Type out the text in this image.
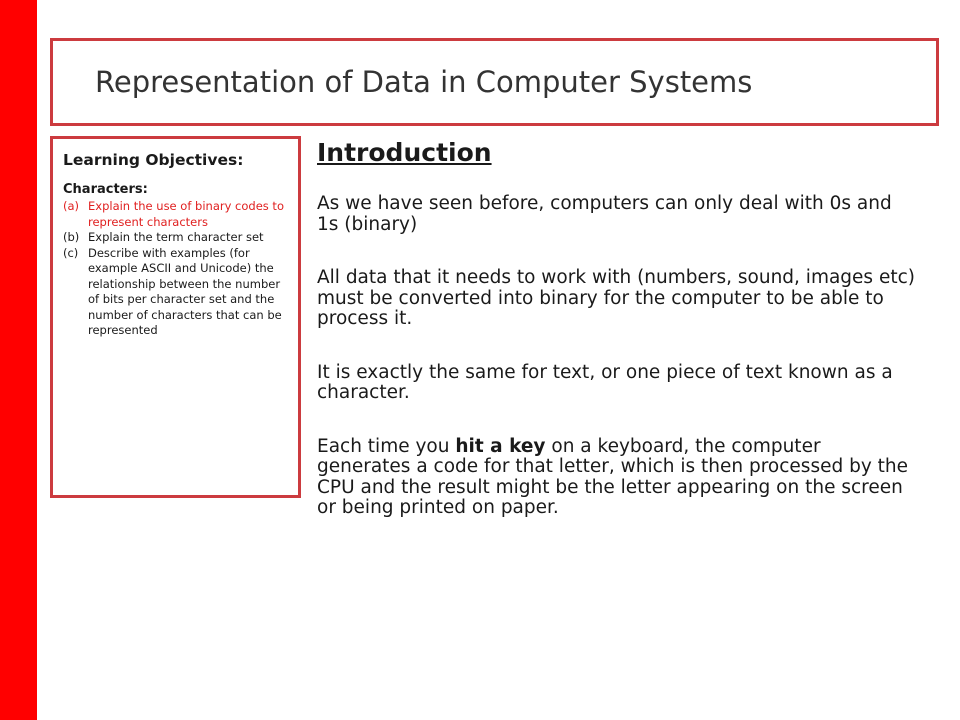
Representation of Data in Computer Systems

Learning Objectives:

Characters:

(a) Explain the use of binary codes to represent characters
(b) Explain the term character set
(c) Describe with examples (for example ASCII and Unicode) the relationship between the number of bits per character set and the number of characters that can be represented
Introduction

As we have seen before, computers can only deal with 0s and 1s (binary)

All data that it needs to work with (numbers, sound, images etc) must be converted into binary for the computer to be able to process it.

It is exactly the same for text, or one piece of text known as a character.

Each time you hit a key on a keyboard, the computer generates a code for that letter, which is then processed by the CPU and the result might be the letter appearing on the screen or being printed on paper.
